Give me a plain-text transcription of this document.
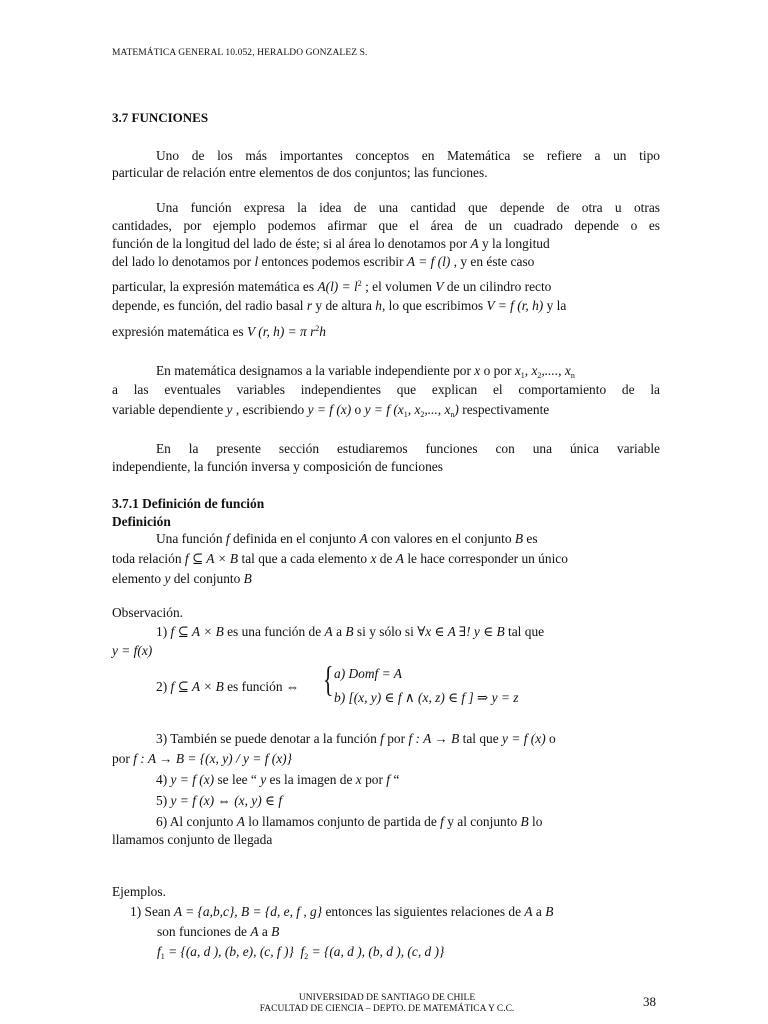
MATEMÁTICA GENERAL 10.052, HERALDO GONZALEZ S.
3.7 FUNCIONES
Uno de los más importantes conceptos en Matemática se refiere a un tipo
particular de relación entre elementos de dos conjuntos; las funciones.
Una función expresa la idea de una cantidad que depende de otra u otras
cantidades, por ejemplo podemos afirmar que el área de un cuadrado depende o es
función de la longitud del lado de éste; si al área lo denotamos por A y la longitud
del lado lo denotamos por l entonces podemos escribir A = f (l) , y en éste caso
particular, la expresión matemática es $A(l) = l^2$ ; el volumen V de un cilindro recto
depende, es función, del radio basal r y de altura h, lo que escribimos V = f (r, h) y la
expresión matemática es V (r, h) = π $r^2h$
En matemática designamos a la variable independiente por x o por $x_1$, $x_2$,...., $x_n$
a las eventuales variables independientes que explican el comportamiento de la
variable dependiente y , escribiendo y = f (x) o y = f ($x_1$, $x_2$,..., $x_n$) respectivamente
En la presente sección estudiaremos funciones con una única variable
independiente, la función inversa y composición de funciones
3.7.1 Definición de función
Definición
Una función f definida en el conjunto A con valores en el conjunto B es
toda relación f ⊆ A × B tal que a cada elemento x de A le hace corresponder un único
elemento y del conjunto B
Observación.
1) f ⊆ A × B es una función de A a B si y sólo si ∀x ∈ A ∃! y ∈ B tal que
y = f(x)
2) f ⊆ A × B es función ⇔ { a) Domf = A
b) [(x, y) ∈ f ∧ (x, z) ∈ f ] ⇒ y = z
3) También se puede denotar a la función f por f : A → B tal que y = f (x) o
por f : A → B = {(x, y) / y = f (x)}
4) y = f (x) se lee “ y es la imagen de x por f “
5) y = f (x) ⇔ (x, y) ∈ f
6) Al conjunto A lo llamamos conjunto de partida de f y al conjunto B lo
llamamos conjunto de llegada
Ejemplos.
1) Sean A = {a,b,c}, B = {d, e, f , g} entonces las siguientes relaciones de A a B
son funciones de A a B
$f_1 = \{(a$, d ), (b, e), (c, f )} $f_2 = \{(a$, d ), (b, d ), (c, d )}
UNIVERSIDAD DE SANTIAGO DE CHILE
FACULTAD DE CIENCIA – DEPTO. DE MATEMÁTICA Y C.C.	38
